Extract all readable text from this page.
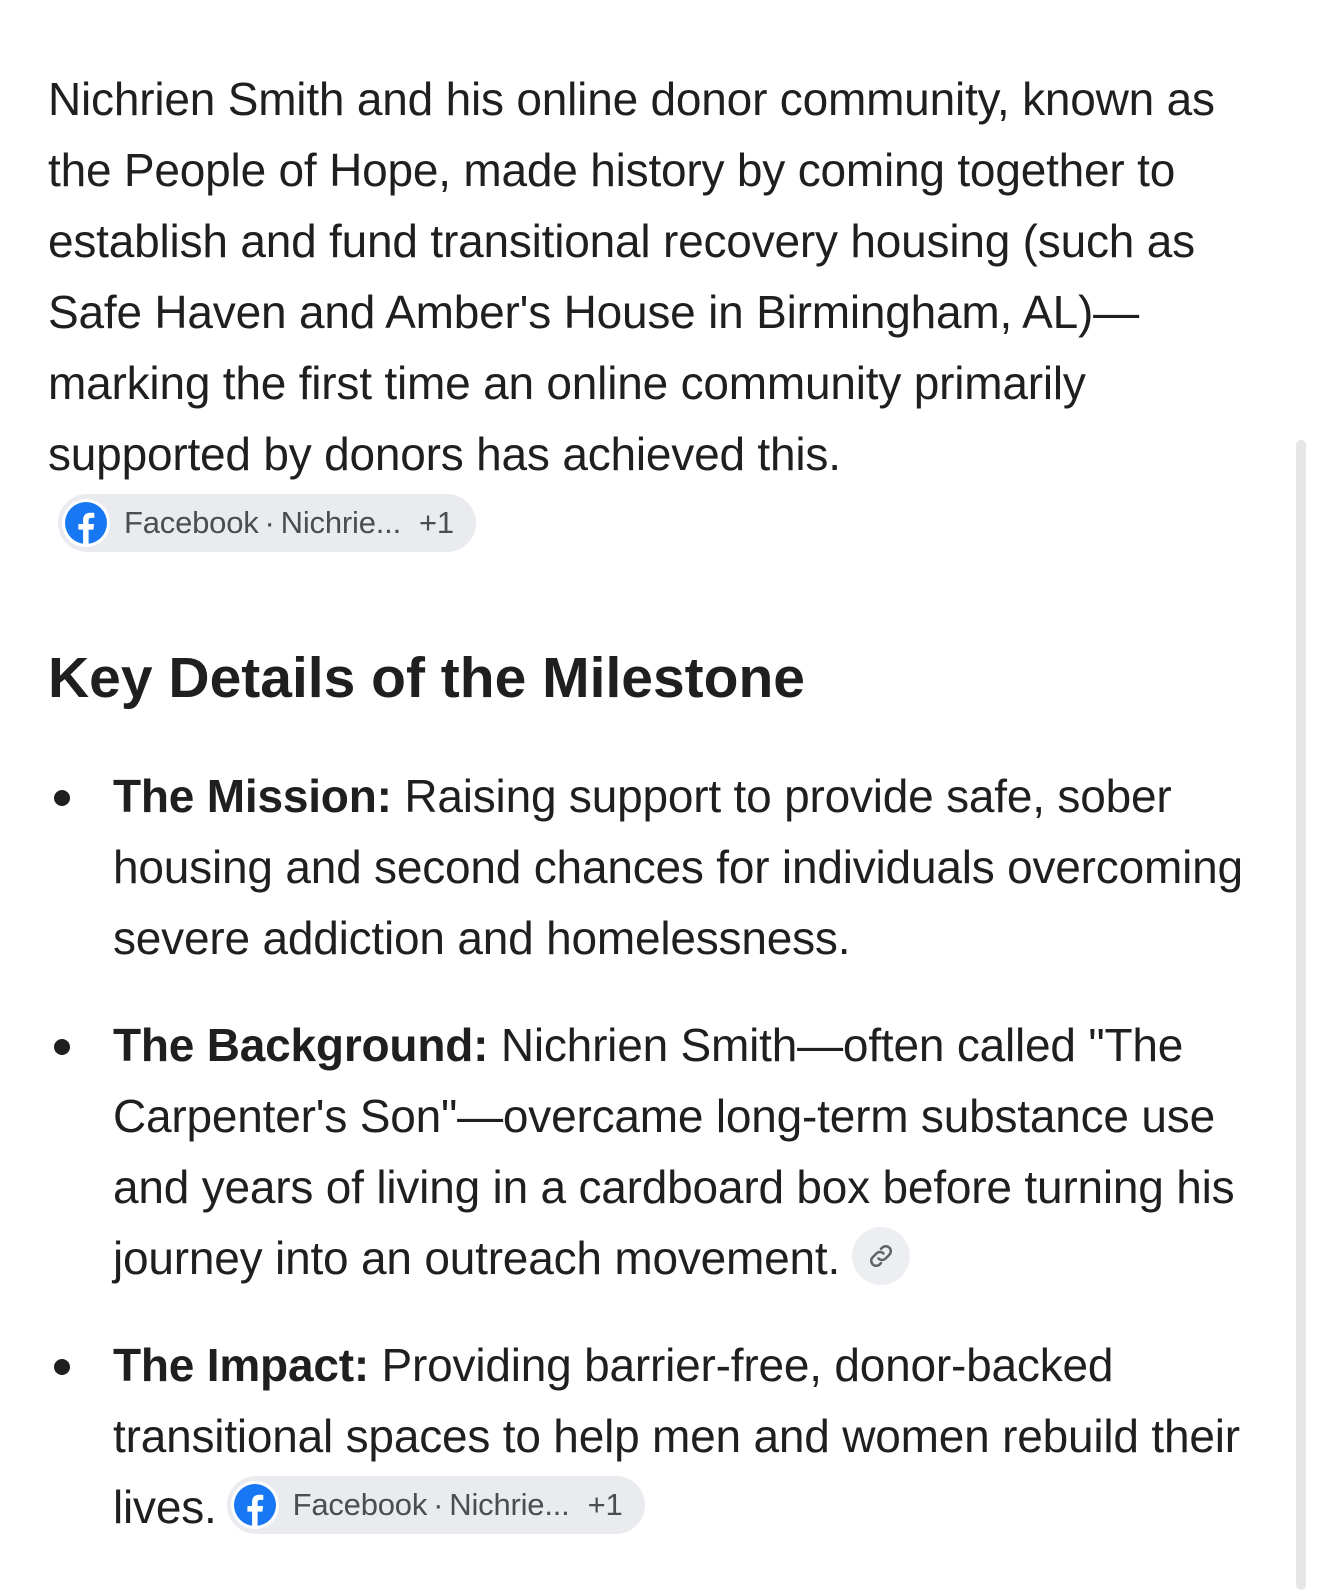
Nichrien Smith and his online donor community, known as the People of Hope, made history by coming together to establish and fund transitional recovery housing (such as Safe Haven and Amber's House in Birmingham, AL)—marking the first time an online community primarily supported by donors has achieved this.
Facebook · Nichrie... +1

Key Details of the Milestone
The Mission: Raising support to provide safe, sober housing and second chances for individuals overcoming severe addiction and homelessness.
The Background: Nichrien Smith—often called "The Carpenter's Son"—overcame long-term substance use and years of living in a cardboard box before turning his journey into an outreach movement.
The Impact: Providing barrier-free, donor-backed transitional spaces to help men and women rebuild their lives. Facebook · Nichrie... +1
